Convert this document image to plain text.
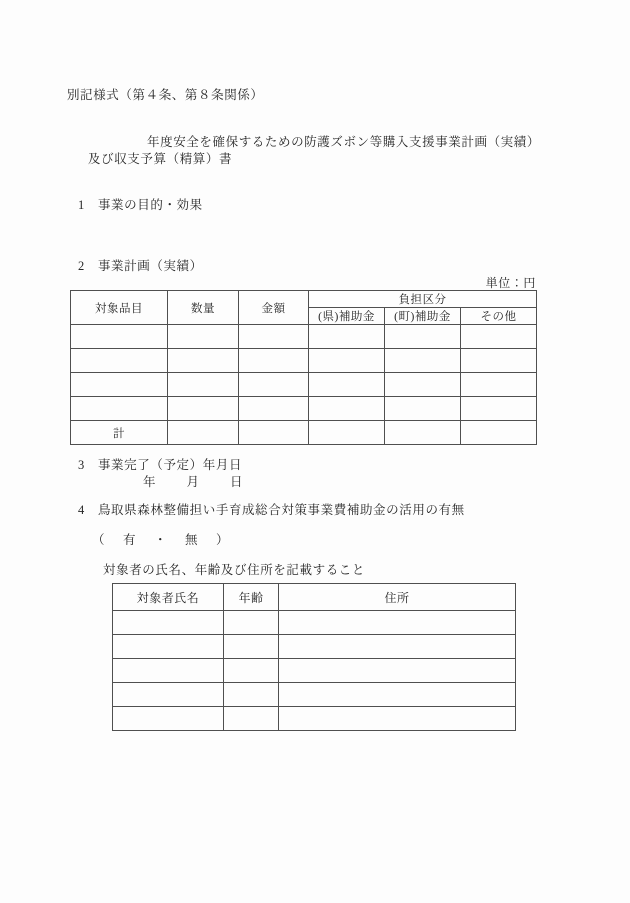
別記様式（第４条、第８条関係）
年度安全を確保するための防護ズボン等購入支援事業計画（実績）
及び収支予算（精算）書
1　事業の目的・効果
2　事業計画（実績）
単位：円
対象品目	数量	金額	負担区分		
			(県)補助金	(町)補助金	その他

計					
3　事業完了（予定）年月日
年　　月　　日
4　鳥取県森林整備担い手育成総合対策事業費補助金の活用の有無
（　有　・　無　）
対象者の氏名、年齢及び住所を記載すること
対象者氏名	年齢	住所
